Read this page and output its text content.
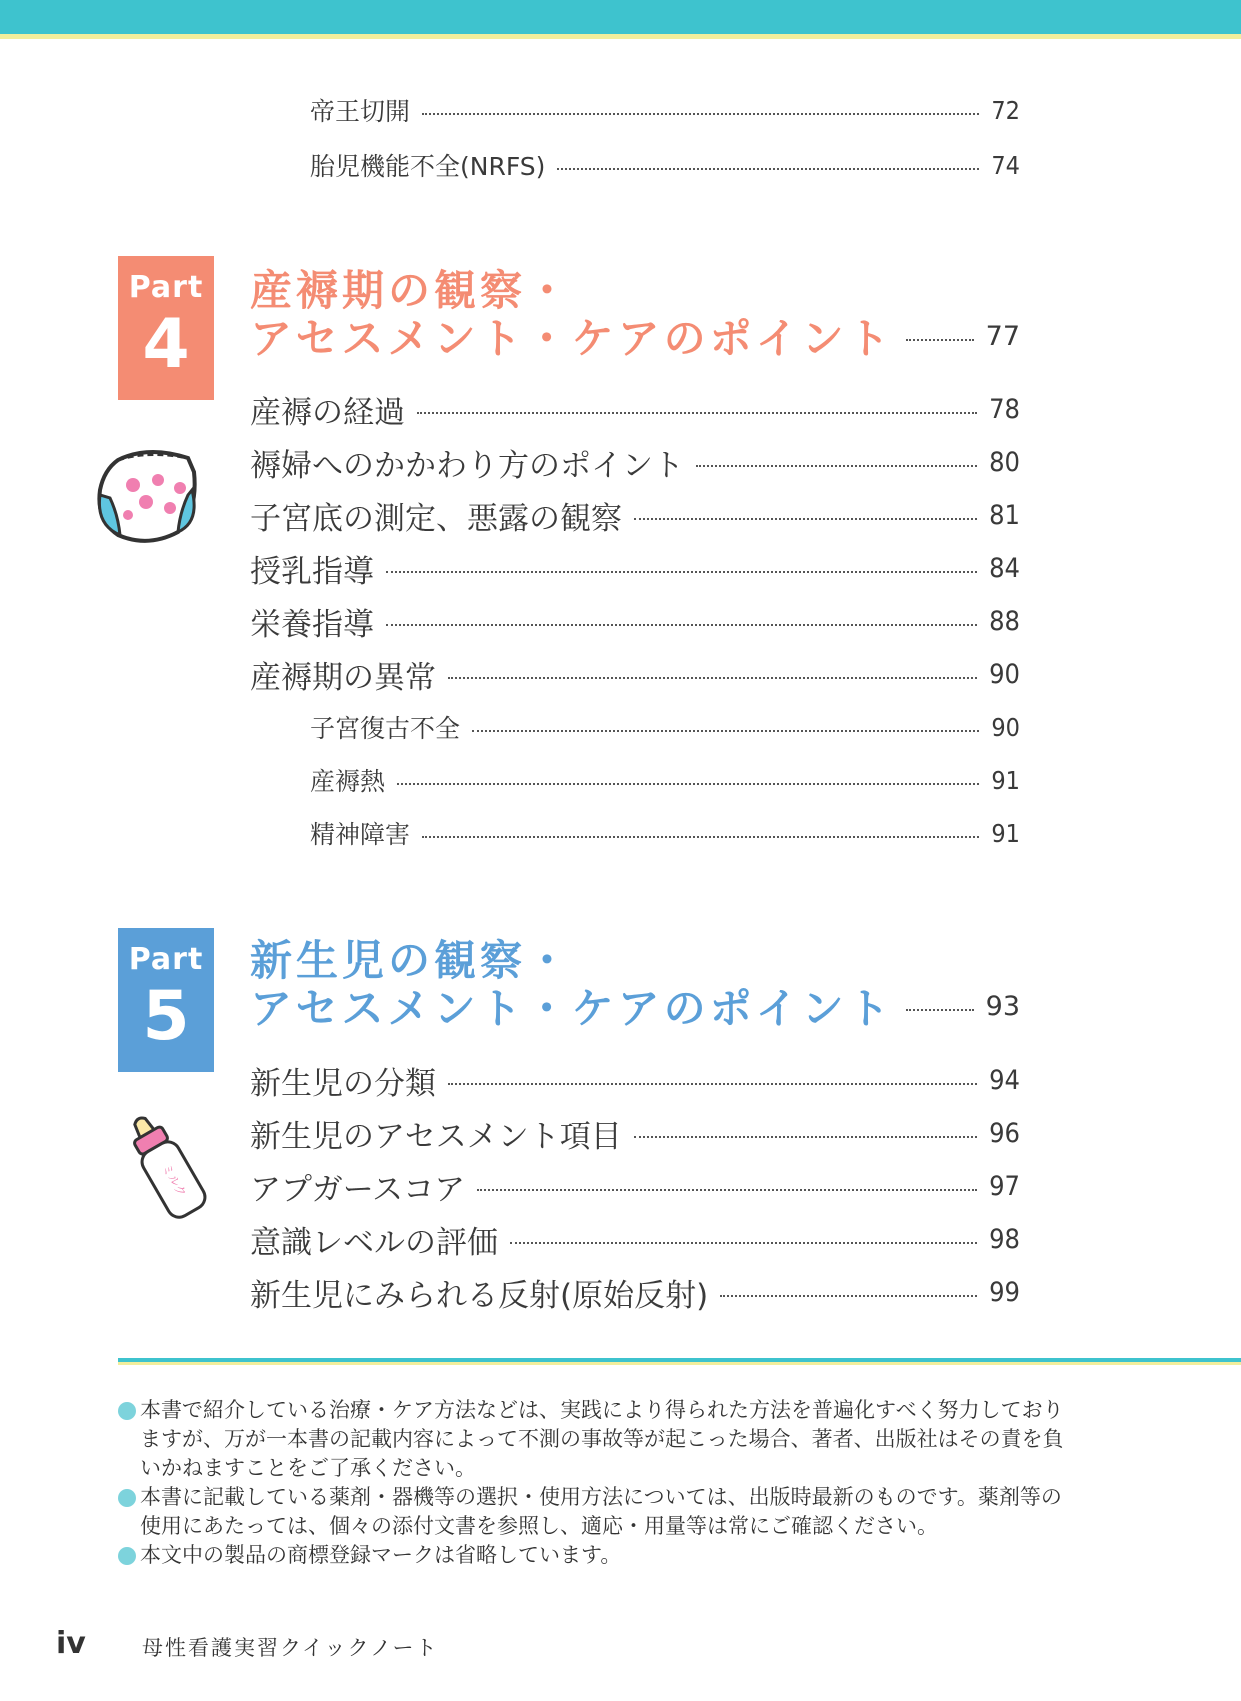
帝王切開	72
胎児機能不全(NRFS)	74
Part
4
産褥期の観察・
アセスメント・ケアのポイント	77
産褥の経過	78
褥婦へのかかわり方のポイント	80
子宮底の測定、悪露の観察	81
授乳指導	84
栄養指導	88
産褥期の異常	90
子宮復古不全	90
産褥熱	91
精神障害	91
Part
5
新生児の観察・
アセスメント・ケアのポイント	93
新生児の分類	94
新生児のアセスメント項目	96
アプガースコア	97
意識レベルの評価	98
新生児にみられる反射(原始反射)	99
ミルク
本書で紹介している治療・ケア方法などは、実践により得られた方法を普遍化すべく努力しておりますが、万が一本書の記載内容によって不測の事故等が起こった場合、著者、出版社はその責を負いかねますことをご了承ください。
本書に記載している薬剤・器機等の選択・使用方法については、出版時最新のものです。薬剤等の使用にあたっては、個々の添付文書を参照し、適応・用量等は常にご確認ください。
本文中の製品の商標登録マークは省略しています。
iv	母性看護実習クイックノート
